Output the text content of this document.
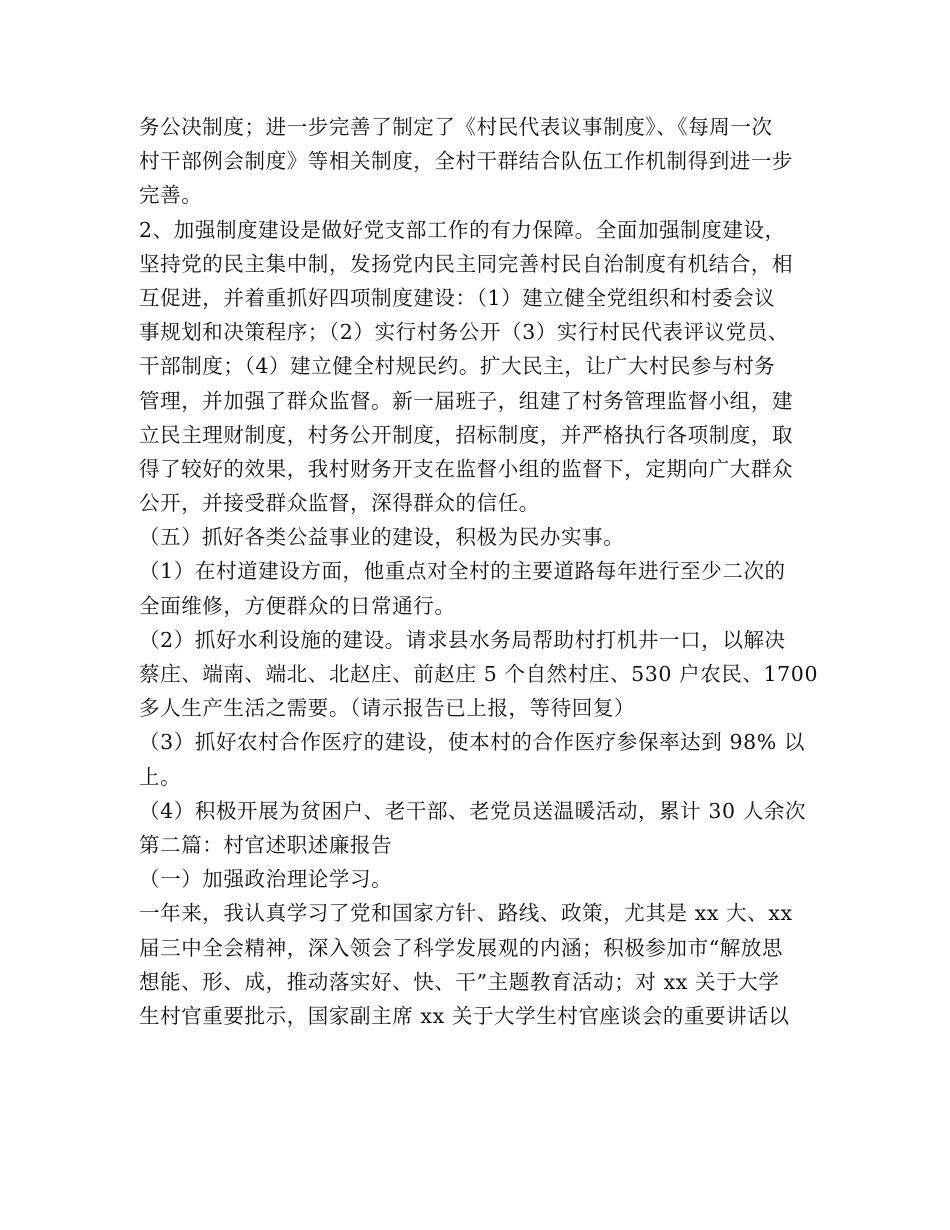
务公决制度；进一步完善了制定了《村民代表议事制度》、《每周一次
村干部例会制度》等相关制度，全村干群结合队伍工作机制得到进一步
完善。
2、加强制度建设是做好党支部工作的有力保障。全面加强制度建设，
坚持党的民主集中制，发扬党内民主同完善村民自治制度有机结合，相
互促进，并着重抓好四项制度建设：（1）建立健全党组织和村委会议
事规划和决策程序；（2）实行村务公开（3）实行村民代表评议党员、
干部制度；（4）建立健全村规民约。扩大民主，让广大村民参与村务
管理，并加强了群众监督。新一届班子，组建了村务管理监督小组，建
立民主理财制度，村务公开制度，招标制度，并严格执行各项制度，取
得了较好的效果，我村财务开支在监督小组的监督下，定期向广大群众
公开，并接受群众监督，深得群众的信任。
（五）抓好各类公益事业的建设，积极为民办实事。
（1）在村道建设方面，他重点对全村的主要道路每年进行至少二次的
全面维修，方便群众的日常通行。
（2）抓好水利设施的建设。请求县水务局帮助村打机井一口，以解决
蔡庄、端南、端北、北赵庄、前赵庄 5 个自然村庄、530 户农民、1700
多人生产生活之需要。（请示报告已上报，等待回复）
（3）抓好农村合作医疗的建设，使本村的合作医疗参保率达到 98% 以
上。
（4）积极开展为贫困户、老干部、老党员送温暖活动，累计 30 人余次
第二篇：村官述职述廉报告
（一）加强政治理论学习。
一年来，我认真学习了党和国家方针、路线、政策，尤其是 xx 大、xx
届三中全会精神，深入领会了科学发展观的内涵；积极参加市“解放思
想能、形、成，推动落实好、快、干”主题教育活动；对 xx 关于大学
生村官重要批示，国家副主席 xx 关于大学生村官座谈会的重要讲话以
